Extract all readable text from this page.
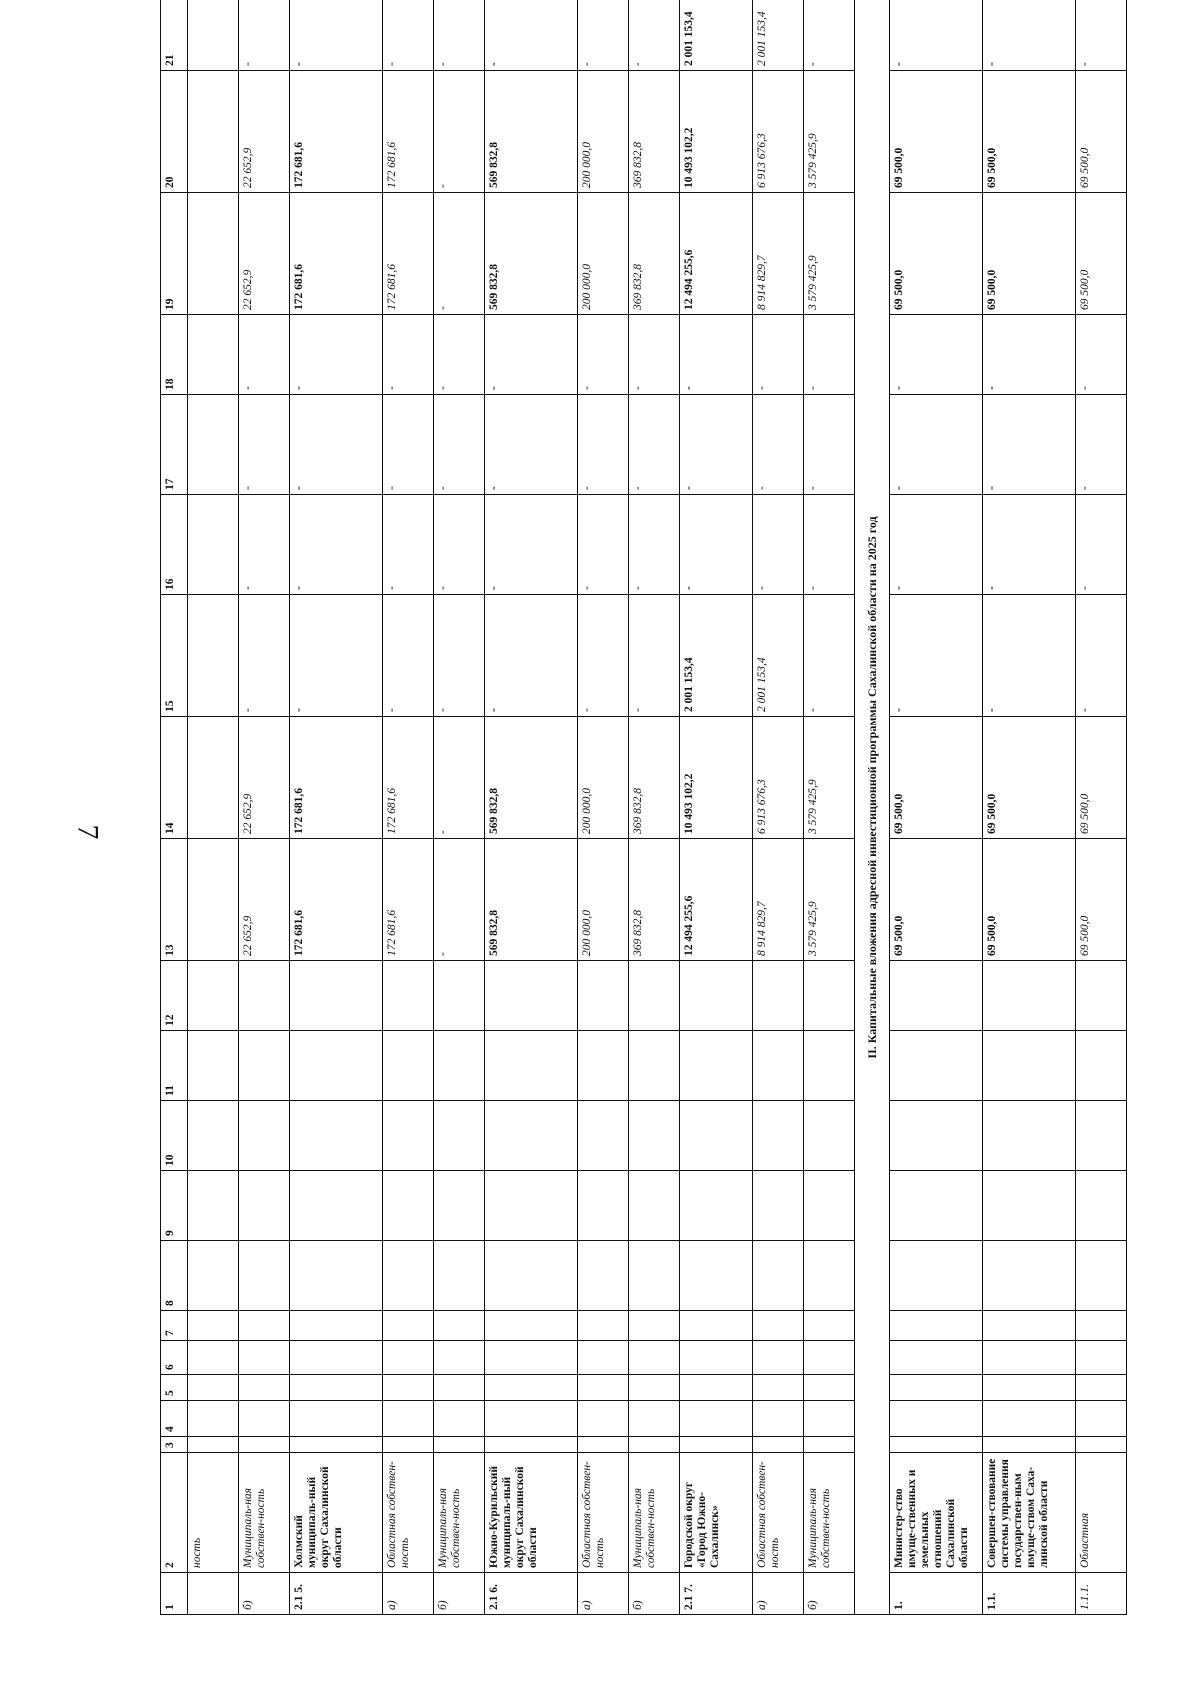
7
1	2	3	4	5	6	7	8	9	10	11	12	13	14	15	16	17	18	19	20	21
	ность																			
б)	Муниципаль-ная собствен-ность											22 652,9	22 652,9	-	-	-	-	22 652,9	22 652,9	-
2.1 5.	Холмский муниципаль-ный округ Сахалинской области											172 681,6	172 681,6	-	-	-	-	172 681,6	172 681,6	-
а)	Областная собствен-ность											172 681,6	172 681,6	-	-	-	-	172 681,6	172 681,6	-
б)	Муниципаль-ная собствен-ность											-	-	-	-	-	-	-	-	-
2.1 6.	Южно-Курильский муниципаль-ный округ Сахалинской области											569 832,8	569 832,8	-	-	-	-	569 832,8	569 832,8	-
а)	Областная собствен-ность											200 000,0	200 000,0	-	-	-	-	200 000,0	200 000,0	-
б)	Муниципаль-ная собствен-ность											369 832,8	369 832,8	-	-	-	-	369 832,8	369 832,8	-
2.1 7.	Городской округ «Город Южно-Сахалинск»											12 494 255,6	10 493 102,2	2 001 153,4	-	-	-	12 494 255,6	10 493 102,2	2 001 153,4
а)	Областная собствен-ность											8 914 829,7	6 913 676,3	2 001 153,4	-	-	-	8 914 829,7	6 913 676,3	2 001 153,4
б)	Муниципаль-ная собствен-ность											3 579 425,9	3 579 425,9	-	-	-	-	3 579 425,9	3 579 425,9	-
II. Капитальные вложения адресной инвестиционной программы Сахалинской области на 2025 год																				
1.	Министер-ство имуще-ственных и земельных отношений Сахалинской области											69 500,0	69 500,0	-	-	-	-	69 500,0	69 500,0	-
1.1.	Совершен-ствование системы управления государствен-ным имуще-ством Саха-линской области											69 500,0	69 500,0	-	-	-	-	69 500,0	69 500,0	-
1.1.1.	Областная											69 500,0	69 500,0	-	-	-	-	69 500,0	69 500,0	-
